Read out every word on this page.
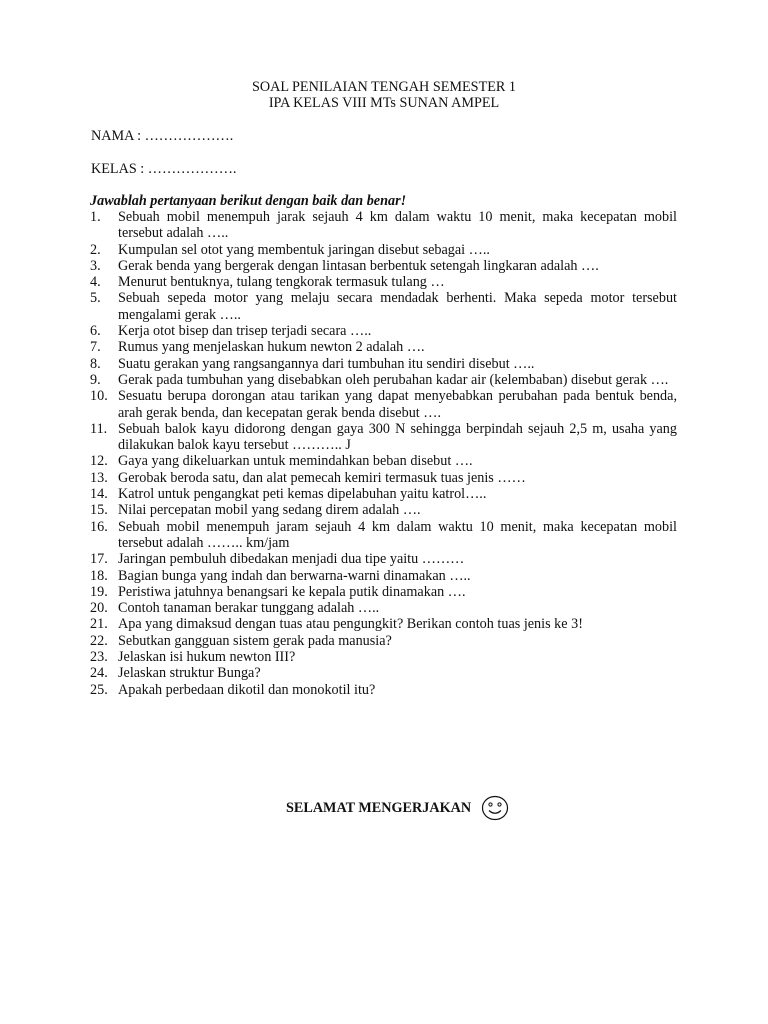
SOAL PENILAIAN TENGAH SEMESTER 1
IPA KELAS VIII MTs SUNAN AMPEL
NAMA : ……………….
KELAS : ……………….
Jawablah pertanyaan berikut dengan baik dan benar!
1. Sebuah mobil menempuh jarak sejauh 4 km dalam waktu 10 menit, maka kecepatan mobil tersebut adalah …..
2. Kumpulan sel otot yang membentuk jaringan disebut sebagai …..
3. Gerak benda yang bergerak dengan lintasan berbentuk setengah lingkaran adalah ….
4. Menurut bentuknya, tulang tengkorak termasuk tulang …
5. Sebuah sepeda motor yang melaju secara mendadak berhenti. Maka sepeda motor tersebut mengalami gerak …..
6. Kerja otot bisep dan trisep terjadi secara …..
7. Rumus yang menjelaskan hukum newton 2 adalah ….
8. Suatu gerakan yang rangsangannya dari tumbuhan itu sendiri disebut …..
9. Gerak pada tumbuhan yang disebabkan oleh perubahan kadar air (kelembaban) disebut gerak ….
10. Sesuatu berupa dorongan atau tarikan yang dapat menyebabkan perubahan pada bentuk benda, arah gerak benda, dan kecepatan gerak benda disebut ….
11. Sebuah balok kayu didorong dengan gaya 300 N sehingga berpindah sejauh 2,5 m, usaha yang dilakukan balok kayu tersebut ……….. J
12. Gaya yang dikeluarkan untuk memindahkan beban disebut ….
13. Gerobak beroda satu, dan alat pemecah kemiri termasuk tuas jenis ……
14. Katrol untuk pengangkat peti kemas dipelabuhan yaitu katrol…..
15. Nilai percepatan mobil yang sedang direm adalah ….
16. Sebuah mobil menempuh jaram sejauh 4 km dalam waktu 10 menit, maka kecepatan mobil tersebut adalah …….. km/jam
17. Jaringan pembuluh dibedakan menjadi dua tipe yaitu ………
18. Bagian bunga yang indah dan berwarna-warni dinamakan …..
19. Peristiwa jatuhnya benangsari ke kepala putik dinamakan ….
20. Contoh tanaman berakar tunggang adalah …..
21. Apa yang dimaksud dengan tuas atau pengungkit? Berikan contoh tuas jenis ke 3!
22. Sebutkan gangguan sistem gerak pada manusia?
23. Jelaskan isi hukum newton III?
24. Jelaskan struktur Bunga?
25. Apakah perbedaan dikotil dan monokotil itu?
SELAMAT MENGERJAKAN
